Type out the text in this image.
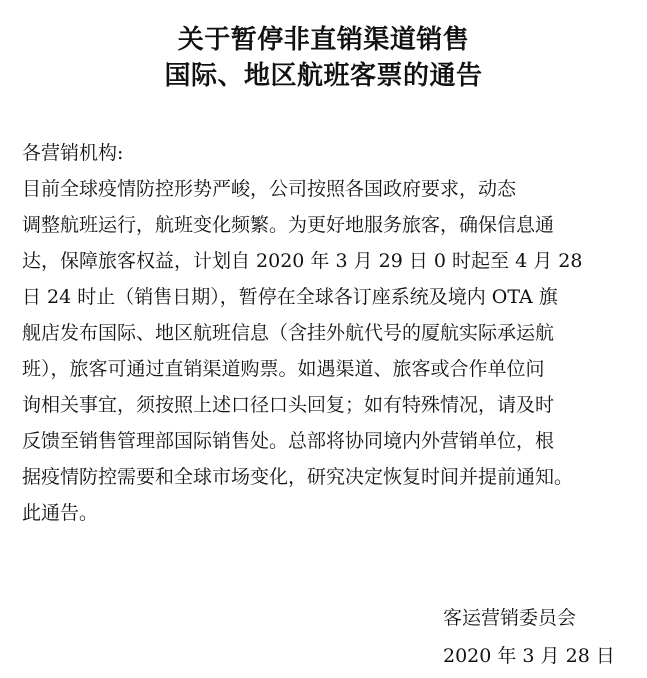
关于暂停非直销渠道销售
国际、地区航班客票的通告
各营销机构:
目前全球疫情防控形势严峻，公司按照各国政府要求，动态
调整航班运行，航班变化频繁。为更好地服务旅客，确保信息通
达，保障旅客权益，计划自 2020 年 3 月 29 日 0 时起至 4 月 28
日 24 时止（销售日期），暂停在全球各订座系统及境内 OTA 旗
舰店发布国际、地区航班信息（含挂外航代号的厦航实际承运航
班），旅客可通过直销渠道购票。如遇渠道、旅客或合作单位问
询相关事宜，须按照上述口径口头回复；如有特殊情况，请及时
反馈至销售管理部国际销售处。总部将协同境内外营销单位，根
据疫情防控需要和全球市场变化，研究决定恢复时间并提前通知。
此通告。
客运营销委员会
2020 年 3 月 28 日
